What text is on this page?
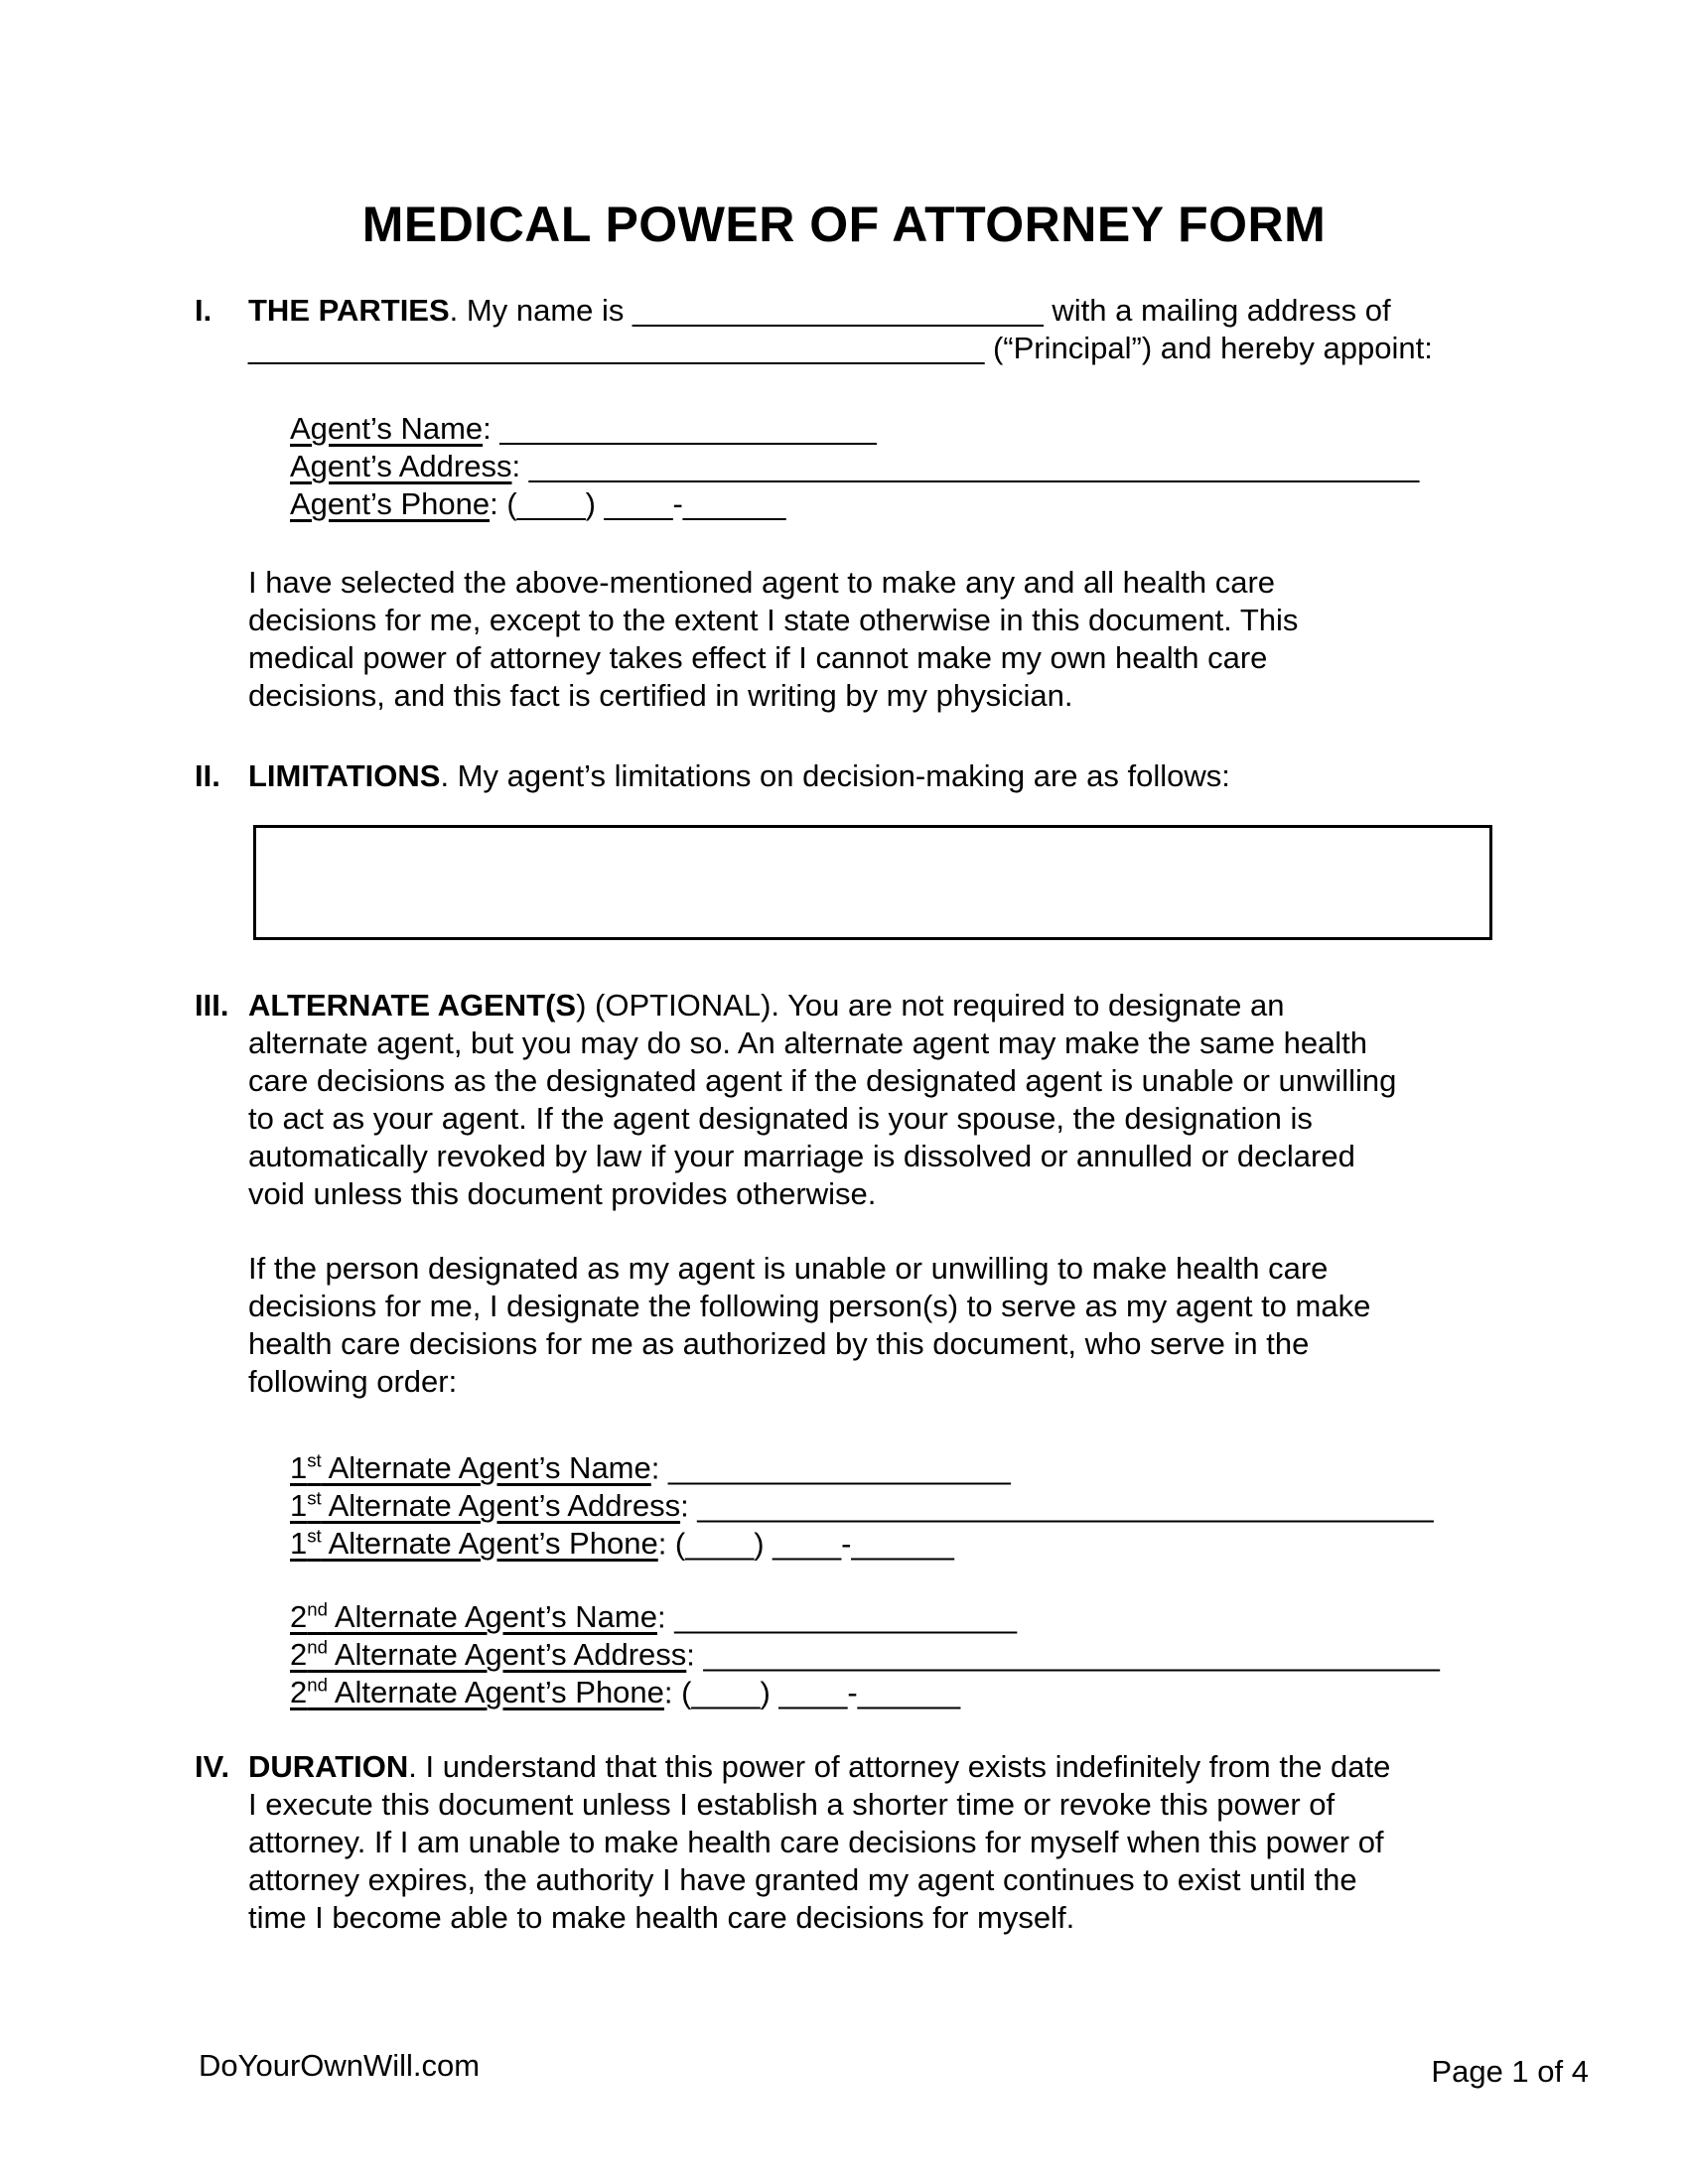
MEDICAL POWER OF ATTORNEY FORM
I. THE PARTIES. My name is ________________________ with a mailing address of
___________________________________________ (“Principal”) and hereby appoint:
Agent’s Name: ______________________
Agent’s Address: ____________________________________________________
Agent’s Phone: (____) ____-______
I have selected the above-mentioned agent to make any and all health care
decisions for me, except to the extent I state otherwise in this document. This
medical power of attorney takes effect if I cannot make my own health care
decisions, and this fact is certified in writing by my physician.
II. LIMITATIONS. My agent’s limitations on decision-making are as follows:
III. ALTERNATE AGENT(S) (OPTIONAL). You are not required to designate an
alternate agent, but you may do so. An alternate agent may make the same health
care decisions as the designated agent if the designated agent is unable or unwilling
to act as your agent. If the agent designated is your spouse, the designation is
automatically revoked by law if your marriage is dissolved or annulled or declared
void unless this document provides otherwise.
If the person designated as my agent is unable or unwilling to make health care
decisions for me, I designate the following person(s) to serve as my agent to make
health care decisions for me as authorized by this document, who serve in the
following order:
1st Alternate Agent’s Name: ____________________
1st Alternate Agent’s Address: ___________________________________________
1st Alternate Agent’s Phone: (____) ____-______
2nd Alternate Agent’s Name: ____________________
2nd Alternate Agent’s Address: ___________________________________________
2nd Alternate Agent’s Phone: (____) ____-______
IV. DURATION. I understand that this power of attorney exists indefinitely from the date
I execute this document unless I establish a shorter time or revoke this power of
attorney. If I am unable to make health care decisions for myself when this power of
attorney expires, the authority I have granted my agent continues to exist until the
time I become able to make health care decisions for myself.
DoYourOwnWill.com	Page 1 of 4
